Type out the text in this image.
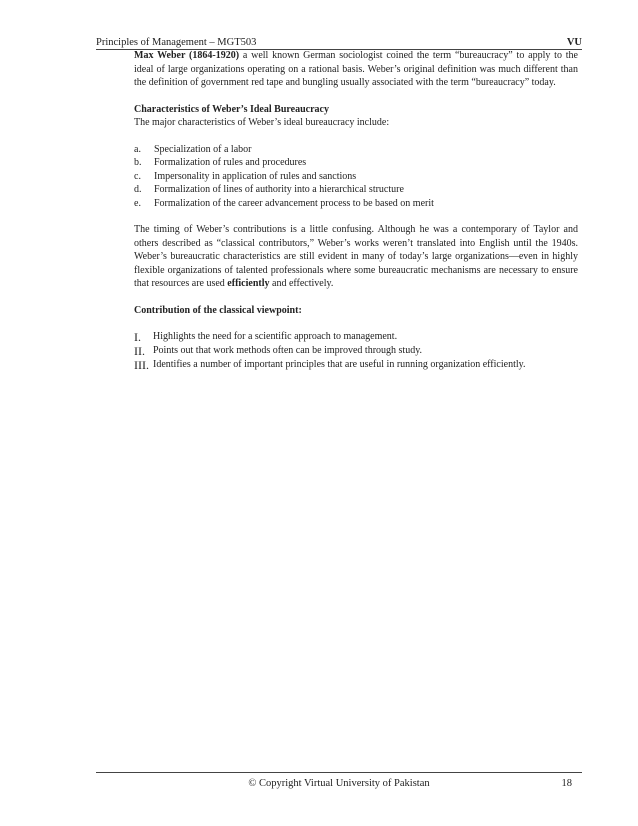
Principles of Management – MGT503	VU

Max Weber (1864-1920) a well known German sociologist coined the term “bureaucracy” to apply to the ideal of large organizations operating on a rational basis. Weber’s original definition was much different than the definition of government red tape and bungling usually associated with the term “bureaucracy” today.

Characteristics of Weber’s Ideal Bureaucracy

The major characteristics of Weber’s ideal bureaucracy include:

a. Specialization of a labor
b. Formalization of rules and procedures
c. Impersonality in application of rules and sanctions
d. Formalization of lines of authority into a hierarchical structure
e. Formalization of the career advancement process to be based on merit

The timing of Weber’s contributions is a little confusing. Although he was a contemporary of Taylor and others described as “classical contributors,” Weber’s works weren’t translated into English until the 1940s. Weber’s bureaucratic characteristics are still evident in many of today’s large organizations—even in highly flexible organizations of talented professionals where some bureaucratic mechanisms are necessary to ensure that resources are used efficiently and effectively.

Contribution of the classical viewpoint:

I. Highlights the need for a scientific approach to management.
II. Points out that work methods often can be improved through study.
III. Identifies a number of important principles that are useful in running organization efficiently.
© Copyright Virtual University of Pakistan	18
